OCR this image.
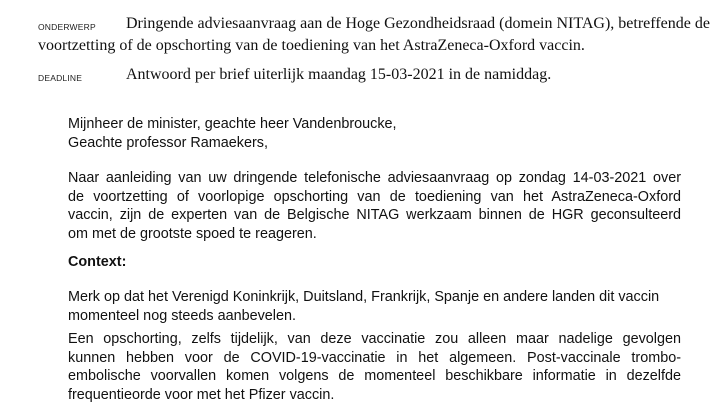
ONDERWERP Dringende adviesaanvraag aan de Hoge Gezondheidsraad (domein NITAG), betreffende de
voortzetting of de opschorting van de toediening van het AstraZeneca-Oxford vaccin.
DEADLINE	Antwoord per brief uiterlijk maandag 15-03-2021 in de namiddag.
Mijnheer de minister, geachte heer Vandenbroucke,
Geachte professor Ramaekers,
Naar aanleiding van uw dringende telefonische adviesaanvraag op zondag 14-03-2021 over
de voortzetting of voorlopige opschorting van de toediening van het AstraZeneca-Oxford
vaccin, zijn de experten van de Belgische NITAG werkzaam binnen de HGR geconsulteerd
om met de grootste spoed te reageren.
Context:
Merk op dat het Verenigd Koninkrijk, Duitsland, Frankrijk, Spanje en andere landen dit vaccin
momenteel nog steeds aanbevelen.
Een opschorting, zelfs tijdelijk, van deze vaccinatie zou alleen maar nadelige gevolgen
kunnen hebben voor de COVID-19-vaccinatie in het algemeen. Post-vaccinale trombo-
embolische voorvallen komen volgens de momenteel beschikbare informatie in dezelfde
frequentieorde voor met het Pfizer vaccin.
